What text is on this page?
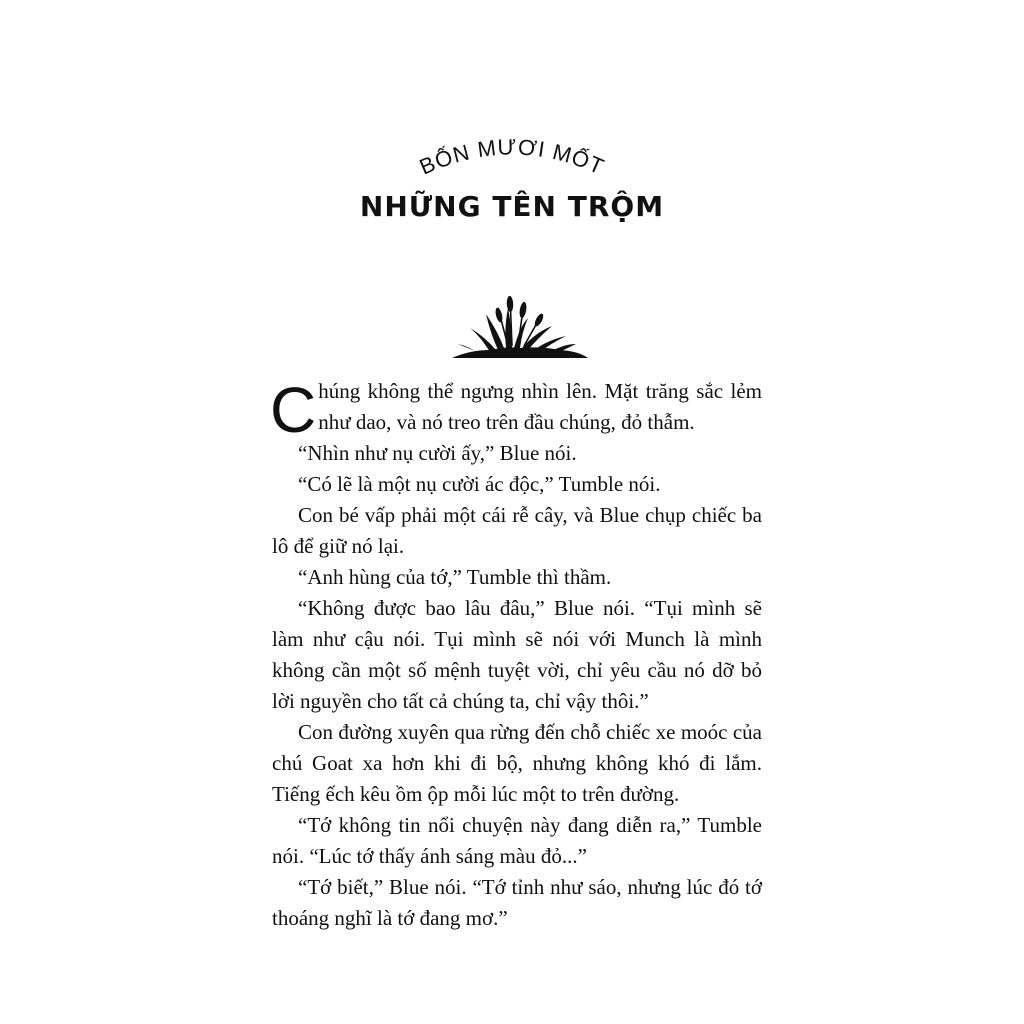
BỐN MƯƠI MỐT
NHỮNG TÊN TRỘM

Chúng không thể ngưng nhìn lên. Mặt trăng sắc lẻm như dao, và nó treo trên đầu chúng, đỏ thẫm.

“Nhìn như nụ cười ấy,” Blue nói.

“Có lẽ là một nụ cười ác độc,” Tumble nói.

Con bé vấp phải một cái rễ cây, và Blue chụp chiếc ba lô để giữ nó lại.

“Anh hùng của tớ,” Tumble thì thầm.

“Không được bao lâu đâu,” Blue nói. “Tụi mình sẽ làm như cậu nói. Tụi mình sẽ nói với Munch là mình không cần một số mệnh tuyệt vời, chỉ yêu cầu nó dỡ bỏ lời nguyền cho tất cả chúng ta, chỉ vậy thôi.”

Con đường xuyên qua rừng đến chỗ chiếc xe moóc của chú Goat xa hơn khi đi bộ, nhưng không khó đi lắm. Tiếng ếch kêu ồm ộp mỗi lúc một to trên đường.

“Tớ không tin nổi chuyện này đang diễn ra,” Tumble nói. “Lúc tớ thấy ánh sáng màu đỏ...”

“Tớ biết,” Blue nói. “Tớ tỉnh như sáo, nhưng lúc đó tớ thoáng nghĩ là tớ đang mơ.”
